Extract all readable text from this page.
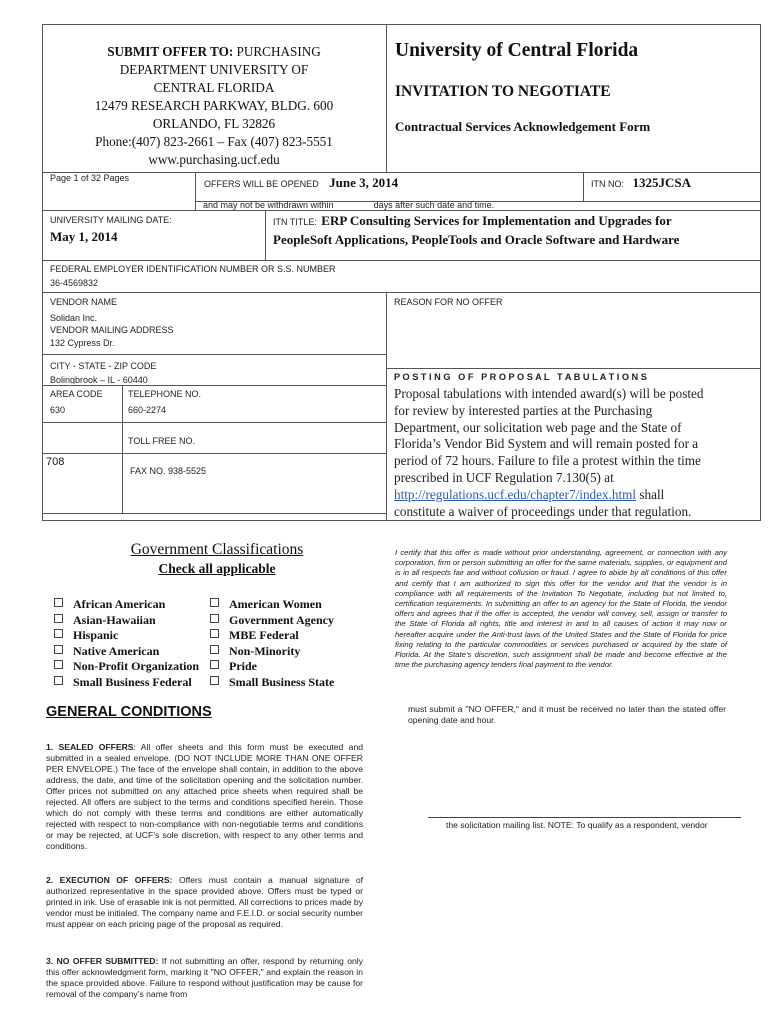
SUBMIT OFFER TO: PURCHASING
DEPARTMENT UNIVERSITY OF
CENTRAL FLORIDA
12479 RESEARCH PARKWAY, BLDG. 600
ORLANDO, FL 32826
Phone:(407) 823-2661 – Fax (407) 823-5551
www.purchasing.ucf.edu
University of Central Florida
INVITATION TO NEGOTIATE
Contractual Services Acknowledgement Form
Page 1 of 32 Pages
OFFERS WILL BE OPENED June 3, 2014	ITN NO: 1325JCSA
and may not be withdrawn within	days after such date and time.
UNIVERSITY MAILING DATE:
May 1, 2014
ITN TITLE: ERP Consulting Services for Implementation and Upgrades for
PeopleSoft Applications, PeopleTools and Oracle Software and Hardware
FEDERAL EMPLOYER IDENTIFICATION NUMBER OR S.S. NUMBER
36-4569832
VENDOR NAME
Solidan Inc.
VENDOR MAILING ADDRESS
132 Cypress Dr.
REASON FOR NO OFFER
CITY - STATE - ZIP CODE
Bolingbrook – IL - 60440
AREA CODE	TELEPHONE NO.
630	660-2274
TOLL FREE NO.
708
FAX NO. 938-5525
P O S T I N G   O F   P R O P O S A L   T A B U L A T I O N S
Proposal tabulations with intended award(s) will be posted
for review by interested parties at the Purchasing
Department, our solicitation web page and the State of
Florida’s Vendor Bid System and will remain posted for a
period of 72 hours. Failure to file a protest within the time
prescribed in UCF Regulation 7.130(5) at
http://regulations.ucf.edu/chapter7/index.html shall
constitute a waiver of proceedings under that regulation.
Government Classifications
Check all applicable
African American
Asian-Hawaiian
Hispanic
Native American
Non-Profit Organization
Small Business Federal
American Women
Government Agency
MBE Federal
Non-Minority
Pride
Small Business State
I certify that this offer is made without prior understanding, agreement, or connection with any corporation, firm or person submitting an offer for the same materials, supplies, or equipment and is in all respects fair and without collusion or fraud. I agree to abide by all conditions of this offer and certify that I am authorized to sign this offer for the vendor and that the vendor is in compliance with all requirements of the Invitation To Negotiate, including but not limited to, certification requirements. In submitting an offer to an agency for the State of Florida, the vendor offers and agrees that if the offer is accepted, the vendor will convey, sell, assign or transfer to the State of Florida all rights, title and interest in and to all causes of action it may now or hereafter acquire under the Anti-trust laws of the United States and the State of Florida for price fixing relating to the particular commodities or services purchased or acquired by the state of Florida. At the State’s discretion, such assignment shall be made and become effective at the time the purchasing agency tenders final payment to the vendor.
GENERAL CONDITIONS
1. SEALED OFFERS: All offer sheets and this form must be executed and submitted in a sealed envelope. (DO NOT INCLUDE MORE THAN ONE OFFER PER ENVELOPE.) The face of the envelope shall contain, in addition to the above address, the date, and time of the solicitation opening and the solicitation number. Offer prices not submitted on any attached price sheets when required shall be rejected. All offers are subject to the terms and conditions specified herein. Those which do not comply with these terms and conditions are either automatically rejected with respect to non-compliance with non-negotiable terms and conditions or may be rejected, at UCF’s sole discretion, with respect to any other terms and conditions.
2. EXECUTION OF OFFERS: Offers must contain a manual signature of authorized representative in the space provided above. Offers must be typed or printed in ink. Use of erasable ink is not permitted. All corrections to prices made by vendor must be initialed. The company name and F.E.I.D. or social security number must appear on each pricing page of the proposal as required.
3. NO OFFER SUBMITTED: If not submitting an offer, respond by returning only this offer acknowledgment form, marking it "NO OFFER," and explain the reason in the space provided above. Failure to respond without justification may be cause for removal of the company’s name from
must submit a "NO OFFER," and it must be received no later than the stated offer opening date and hour.
the solicitation mailing list. NOTE: To qualify as a respondent, vendor
